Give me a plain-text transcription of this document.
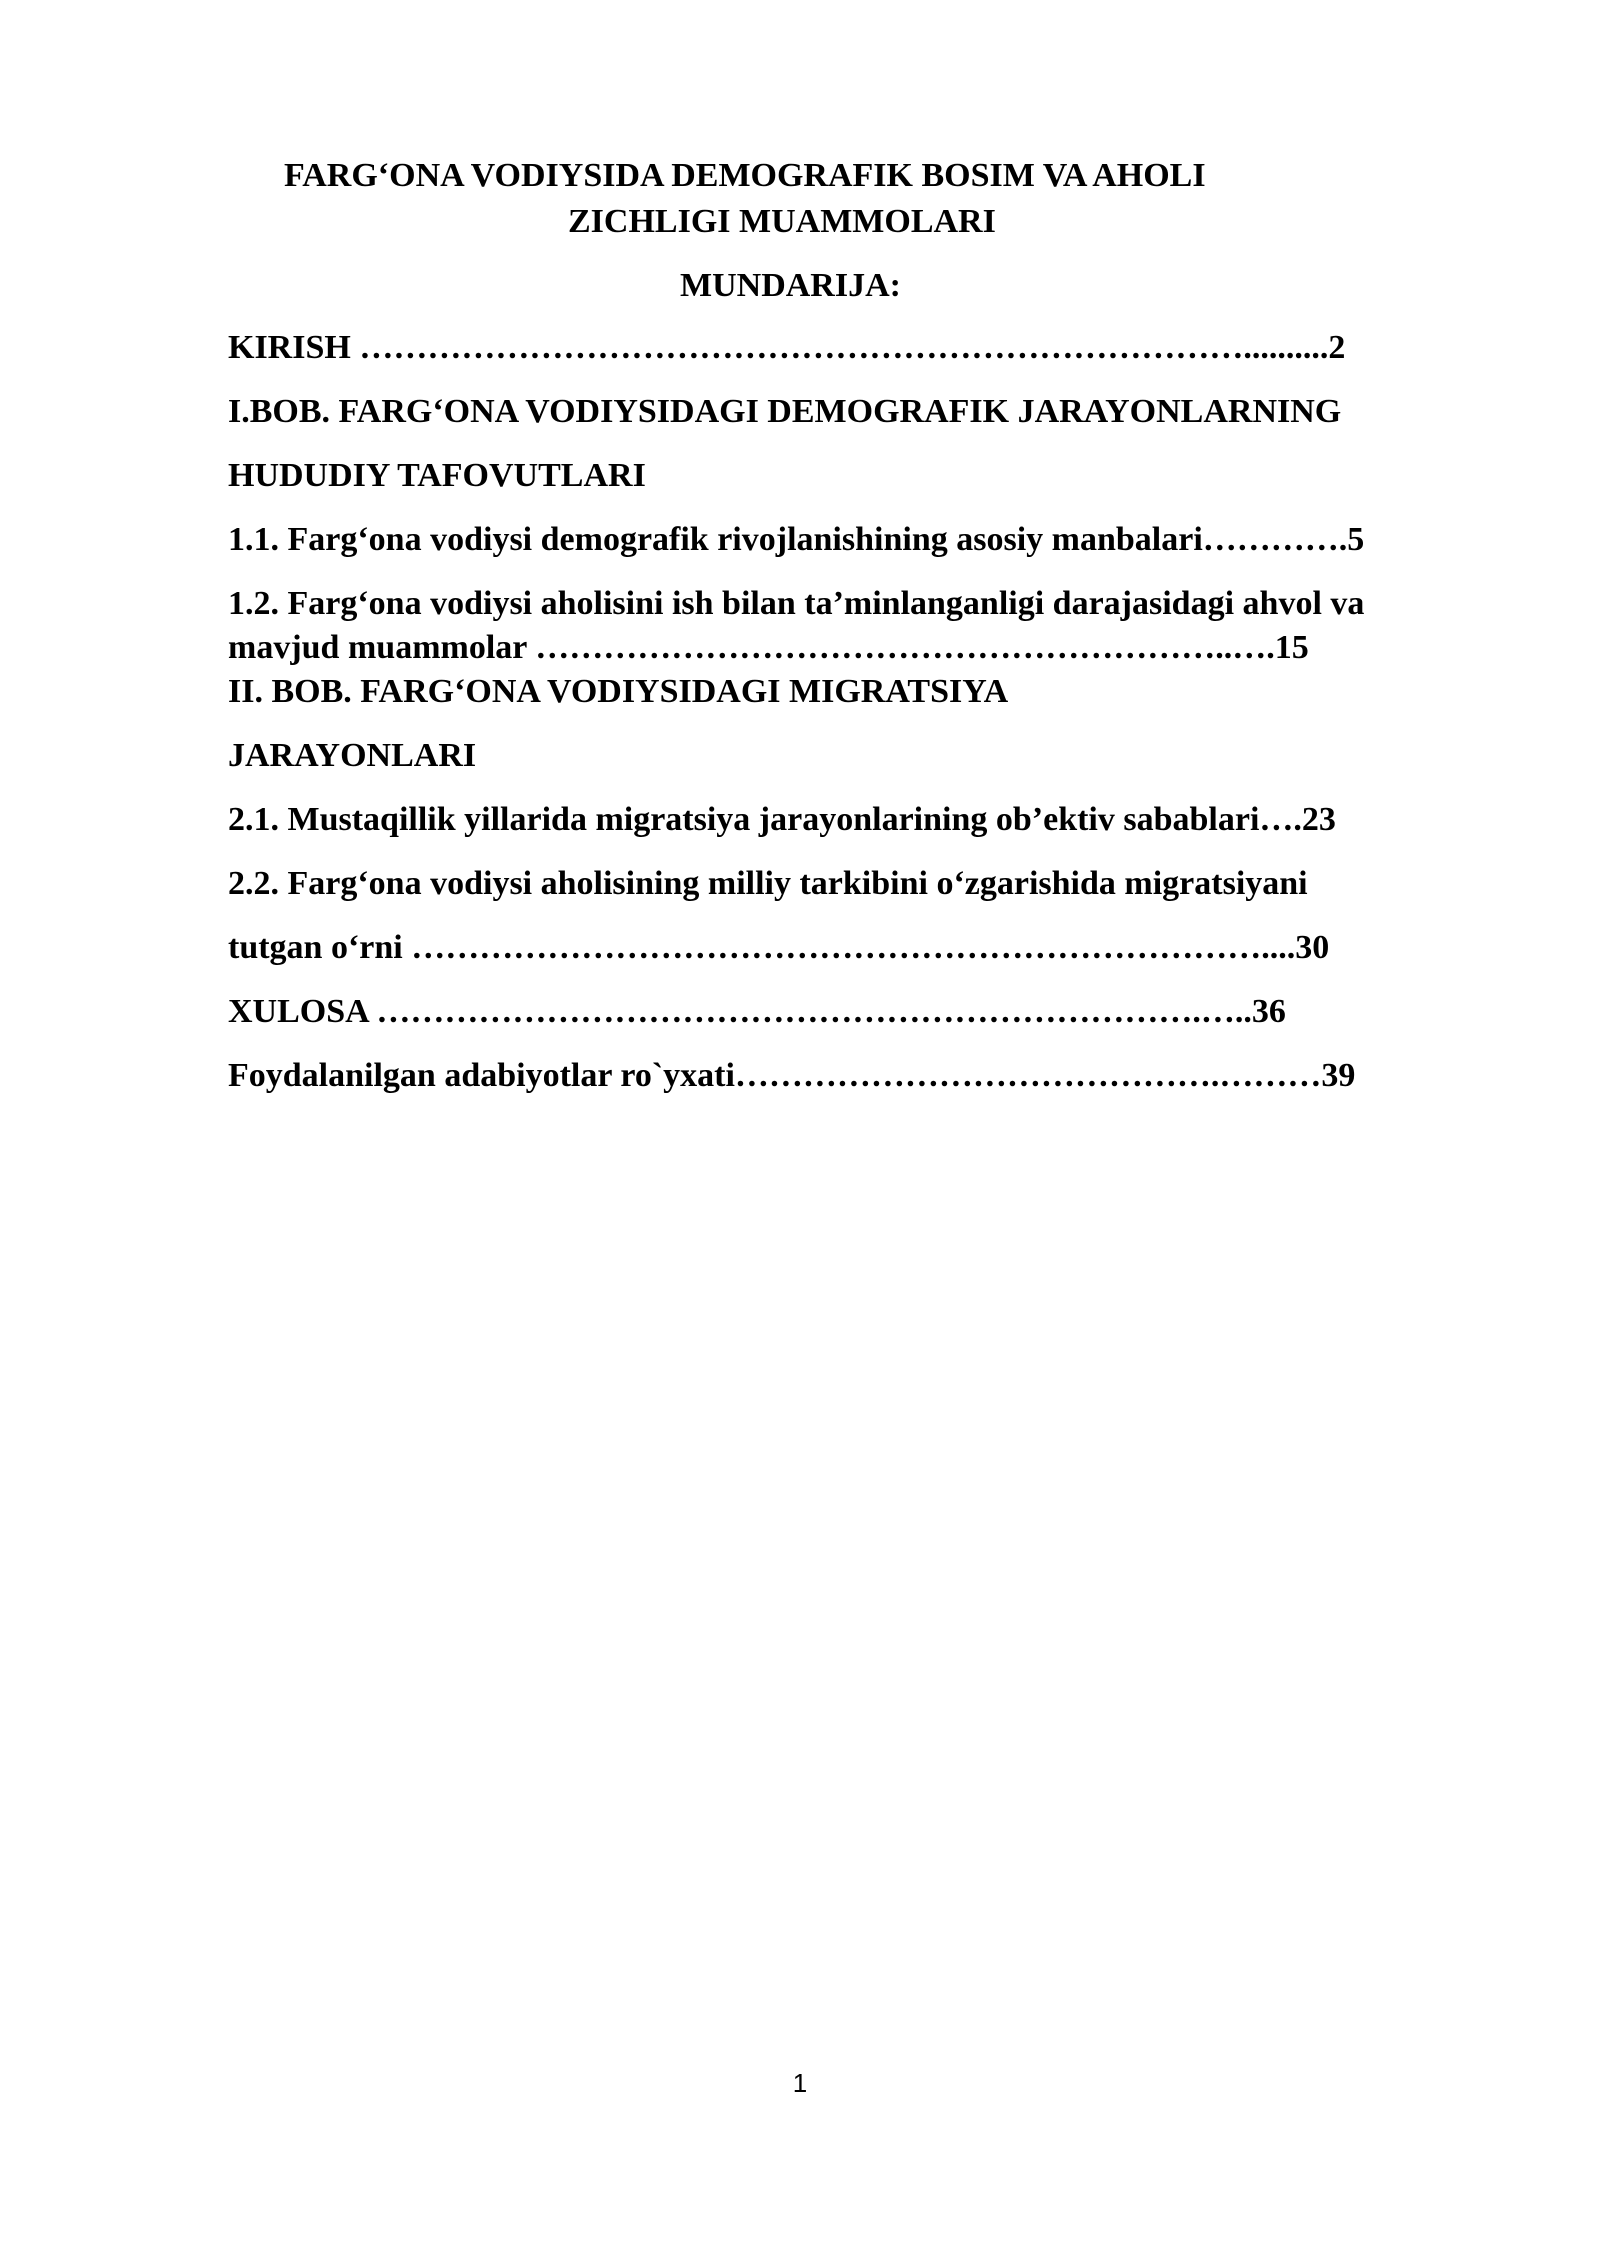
FARG‘ONA VODIYSIDA DEMOGRAFIK BOSIM VA AHOLI
ZICHLIGI MUAMMOLARI
MUNDARIJA:
KIRISH ……………………………………………………………………..........2
I.BOB. FARG‘ONA VODIYSIDAGI DEMOGRAFIK JARAYONLARNING
HUDUDIY TAFOVUTLARI
1.1. Farg‘ona vodiysi demografik rivojlanishining asosiy manbalari………….5
1.2. Farg‘ona vodiysi aholisini ish bilan ta’minlanganligi darajasidagi ahvol va
mavjud muammolar ……………………………………………………..….15
II. BOB. FARG‘ONA VODIYSIDAGI MIGRATSIYA
JARAYONLARI
2.1. Mustaqillik yillarida migratsiya jarayonlarining ob’ektiv sabablari….23
2.2. Farg‘ona vodiysi aholisining milliy tarkibini o‘zgarishida migratsiyani
tutgan o‘rni …………………………………………………………………....30
XULOSA ……………………………………………………………….…..36
Foydalanilgan adabiyotlar ro`yxati…………………………………….………39
1
